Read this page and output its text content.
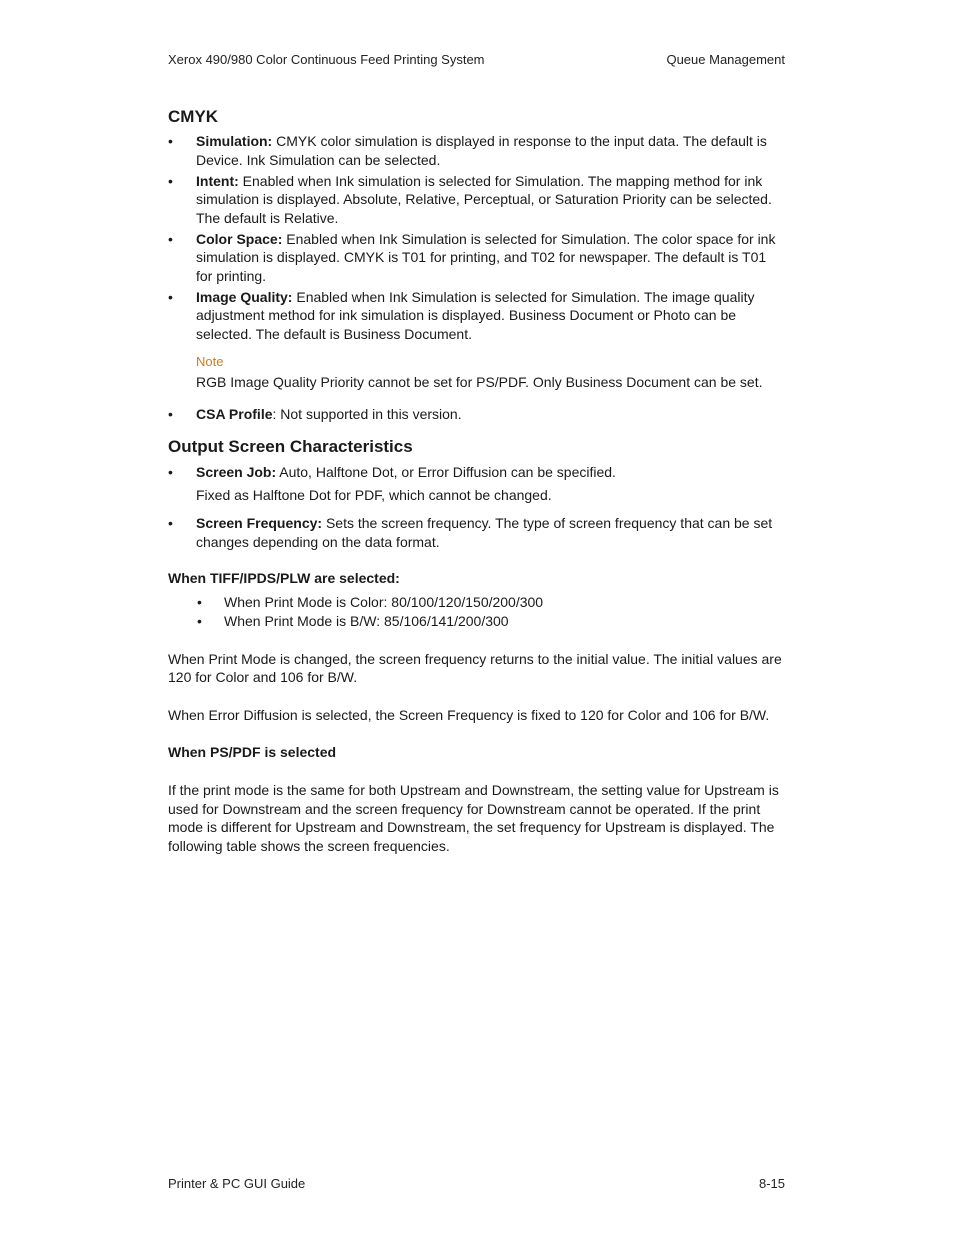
Xerox 490/980 Color Continuous Feed Printing System	Queue Management
CMYK
• Simulation: CMYK color simulation is displayed in response to the input data. The default is Device. Ink Simulation can be selected.
• Intent: Enabled when Ink simulation is selected for Simulation. The mapping method for ink simulation is displayed. Absolute, Relative, Perceptual, or Saturation Priority can be selected. The default is Relative.
• Color Space: Enabled when Ink Simulation is selected for Simulation. The color space for ink simulation is displayed. CMYK is T01 for printing, and T02 for newspaper. The default is T01 for printing.
• Image Quality: Enabled when Ink Simulation is selected for Simulation. The image quality adjustment method for ink simulation is displayed. Business Document or Photo can be selected. The default is Business Document.
Note
RGB Image Quality Priority cannot be set for PS/PDF. Only Business Document can be set.
• CSA Profile: Not supported in this version.
Output Screen Characteristics
• Screen Job: Auto, Halftone Dot, or Error Diffusion can be specified.
Fixed as Halftone Dot for PDF, which cannot be changed.
• Screen Frequency: Sets the screen frequency. The type of screen frequency that can be set changes depending on the data format.
When TIFF/IPDS/PLW are selected:
• When Print Mode is Color: 80/100/120/150/200/300
• When Print Mode is B/W: 85/106/141/200/300

When Print Mode is changed, the screen frequency returns to the initial value. The initial values are 120 for Color and 106 for B/W.

When Error Diffusion is selected, the Screen Frequency is fixed to 120 for Color and 106 for B/W.

When PS/PDF is selected

If the print mode is the same for both Upstream and Downstream, the setting value for Upstream is used for Downstream and the screen frequency for Downstream cannot be operated. If the print mode is different for Upstream and Downstream, the set frequency for Upstream is displayed. The following table shows the screen frequencies.

Printer & PC GUI Guide	8-15
